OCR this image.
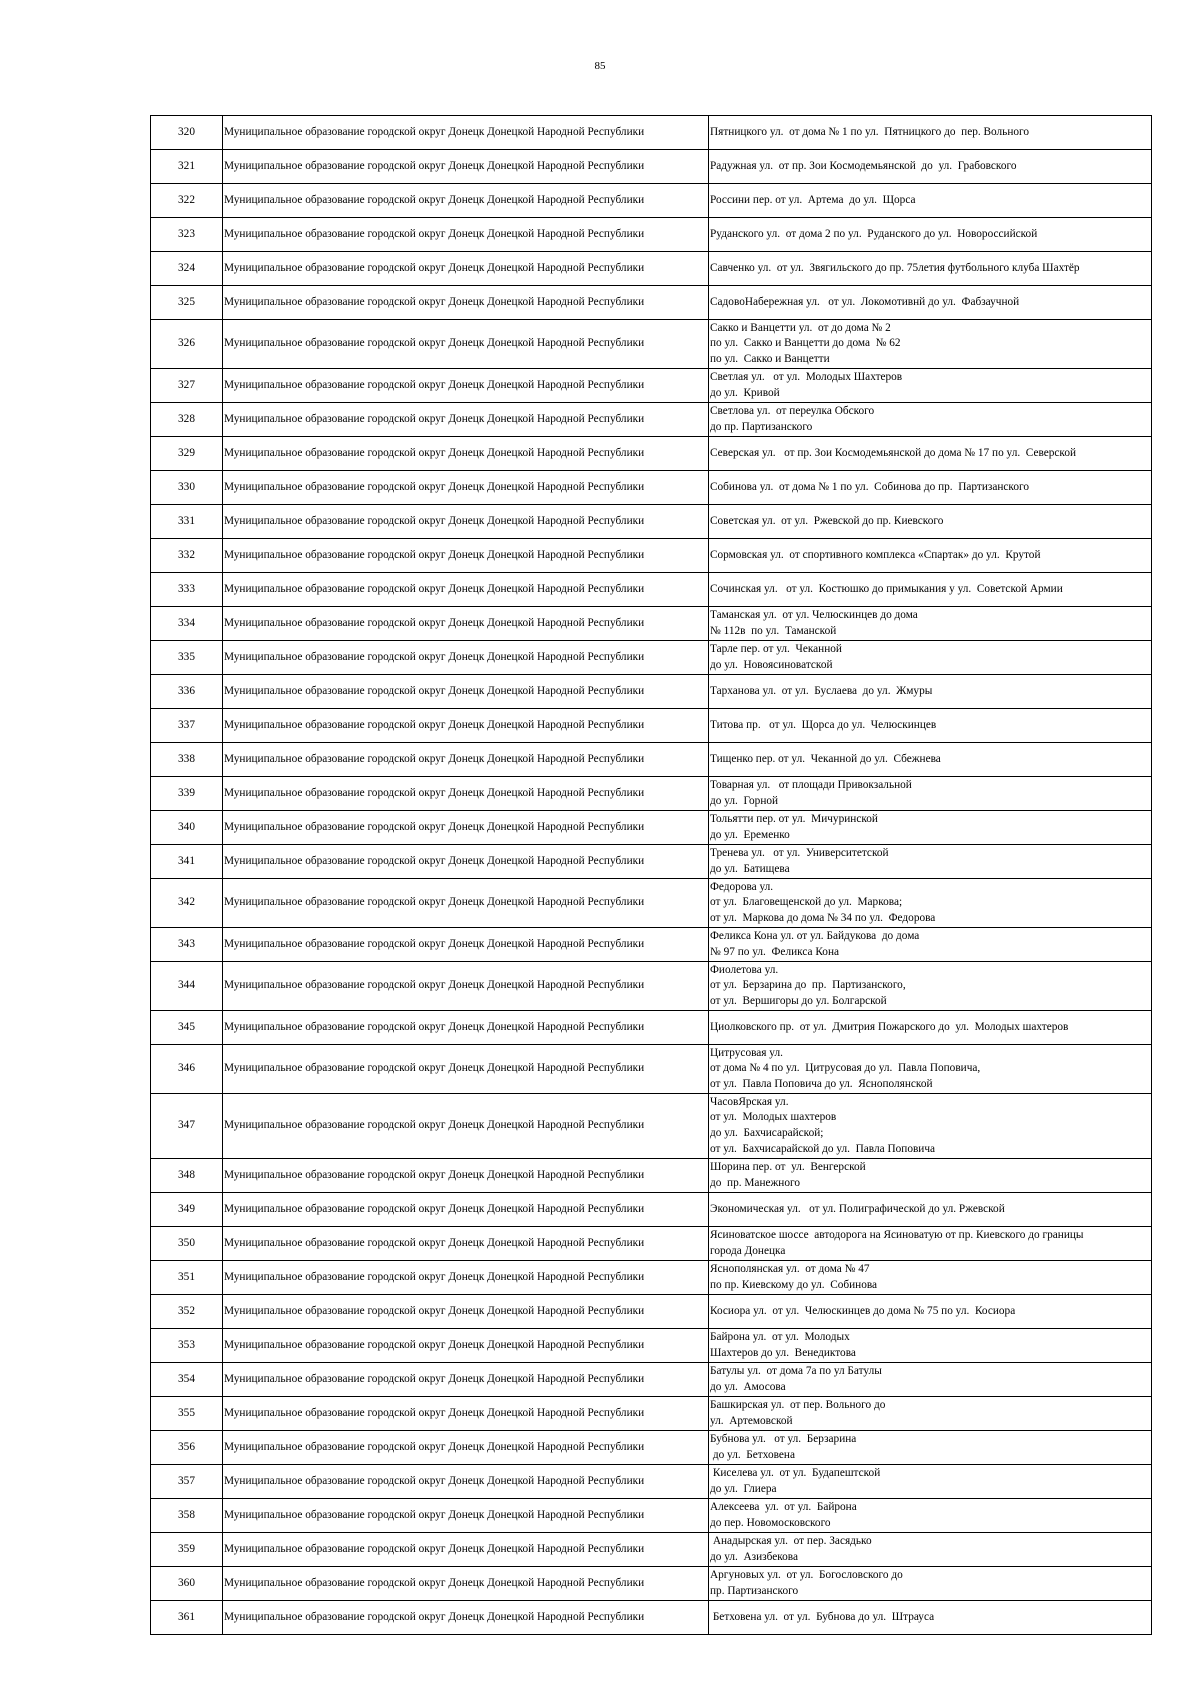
85
320	Муниципальное образование городской округ Донецк Донецкой Народной Республики	Пятницкого ул.  от дома № 1 по ул.  Пятницкого до  пер. Вольного

321	Муниципальное образование городской округ Донецк Донецкой Народной Республики	Радужная ул.  от пр. Зои Космодемьянской  до  ул.  Грабовского

322	Муниципальное образование городской округ Донецк Донецкой Народной Республики	Россини пер. от ул.  Артема  до ул.  Щорса

323	Муниципальное образование городской округ Донецк Донецкой Народной Республики	Руданского ул.  от дома 2 по ул.  Руданского до ул.  Новороссийской

324	Муниципальное образование городской округ Донецк Донецкой Народной Республики	Савченко ул.  от ул.  Звягильского до пр. 75летия футбольного клуба Шахтёр

325	Муниципальное образование городской округ Донецк Донецкой Народной Республики	СадовоНабережная ул.   от ул.  Локомотивнй до ул.  Фабзаучной

326	Муниципальное образование городской округ Донецк Донецкой Народной Республики	Сакко и Ванцетти ул.  от до дома № 2
по ул.  Сакко и Ванцетти до дома  № 62
по ул.  Сакко и Ванцетти

327	Муниципальное образование городской округ Донецк Донецкой Народной Республики	Светлая ул.   от ул.  Молодых Шахтеров
до ул.  Кривой

328	Муниципальное образование городской округ Донецк Донецкой Народной Республики	Светлова ул.  от переулка Обского
до пр. Партизанского

329	Муниципальное образование городской округ Донецк Донецкой Народной Республики	Северская ул.   от пр. Зои Космодемьянской до дома № 17 по ул.  Северской

330	Муниципальное образование городской округ Донецк Донецкой Народной Республики	Собинова ул.  от дома № 1 по ул.  Собинова до пр.  Партизанского

331	Муниципальное образование городской округ Донецк Донецкой Народной Республики	Советская ул.  от ул.  Ржевской до пр. Киевского

332	Муниципальное образование городской округ Донецк Донецкой Народной Республики	Сормовская ул.  от спортивного комплекса «Спартак» до ул.  Крутой

333	Муниципальное образование городской округ Донецк Донецкой Народной Республики	Сочинская ул.   от ул.  Костюшко до примыкания у ул.  Советской Армии

334	Муниципальное образование городской округ Донецк Донецкой Народной Республики	Таманская ул.  от ул. Челюскинцев до дома
№ 112в  по ул.  Таманской

335	Муниципальное образование городской округ Донецк Донецкой Народной Республики	Тарле пер. от ул.  Чеканной
до ул.  Новоясиноватской

336	Муниципальное образование городской округ Донецк Донецкой Народной Республики	Тарханова ул.  от ул.  Буслаева  до ул.  Жмуры

337	Муниципальное образование городской округ Донецк Донецкой Народной Республики	Титова пр.   от ул.  Щорса до ул.  Челюскинцев

338	Муниципальное образование городской округ Донецк Донецкой Народной Республики	Тищенко пер. от ул.  Чеканной до ул.  Сбежнева

339	Муниципальное образование городской округ Донецк Донецкой Народной Республики	Товарная ул.   от площади Привокзальной
до ул.  Горной

340	Муниципальное образование городской округ Донецк Донецкой Народной Республики	Тольятти пер. от ул.  Мичуринской
до ул.  Еременко

341	Муниципальное образование городской округ Донецк Донецкой Народной Республики	Тренева ул.   от ул.  Университетской
до ул.  Батищева

342	Муниципальное образование городской округ Донецк Донецкой Народной Республики	Федорова ул.
от ул.  Благовещенской до ул.  Маркова;
от ул.  Маркова до дома № 34 по ул.  Федорова

343	Муниципальное образование городской округ Донецк Донецкой Народной Республики	Феликса Кона ул. от ул. Байдукова  до дома
№ 97 по ул.  Феликса Кона

344	Муниципальное образование городской округ Донецк Донецкой Народной Республики	Фиолетова ул.
от ул.  Берзарина до  пр.  Партизанского,
от ул.  Вершигоры до ул. Болгарской

345	Муниципальное образование городской округ Донецк Донецкой Народной Республики	Циолковского пр.  от ул.  Дмитрия Пожарского до  ул.  Молодых шахтеров

346	Муниципальное образование городской округ Донецк Донецкой Народной Республики	Цитрусовая ул.
от дома № 4 по ул.  Цитрусовая до ул.  Павла Поповича,
от ул.  Павла Поповича до ул.  Яснополянской

347	Муниципальное образование городской округ Донецк Донецкой Народной Республики	ЧасовЯрская ул.
от ул.  Молодых шахтеров
до ул.  Бахчисарайской;
от ул.  Бахчисарайской до ул.  Павла Поповича

348	Муниципальное образование городской округ Донецк Донецкой Народной Республики	Шорина пер. от  ул.  Венгерской
до  пр. Манежного

349	Муниципальное образование городской округ Донецк Донецкой Народной Республики	Экономическая ул.   от ул. Полиграфической до ул. Ржевской

350	Муниципальное образование городской округ Донецк Донецкой Народной Республики	Ясиноватское шоссе  автодорога на Ясиноватую от пр. Киевского до границы
города Донецка

351	Муниципальное образование городской округ Донецк Донецкой Народной Республики	Яснополянская ул.  от дома № 47
по пр. Киевскому до ул.  Собинова

352	Муниципальное образование городской округ Донецк Донецкой Народной Республики	Косиора ул.  от ул.  Челюскинцев до дома № 75 по ул.  Косиора

353	Муниципальное образование городской округ Донецк Донецкой Народной Республики	Байрона ул.  от ул.  Молодых
Шахтеров до ул.  Венедиктова

354	Муниципальное образование городской округ Донецк Донецкой Народной Республики	Батулы ул.  от дома 7а по ул Батулы
до ул.  Амосова

355	Муниципальное образование городской округ Донецк Донецкой Народной Республики	Башкирская ул.  от пер. Вольного до
ул.  Артемовской

356	Муниципальное образование городской округ Донецк Донецкой Народной Республики	Бубнова ул.   от ул.  Берзарина
до ул.  Бетховена

357	Муниципальное образование городской округ Донецк Донецкой Народной Республики	Киселева ул.  от ул.  Будапештской
до ул.  Глиера

358	Муниципальное образование городской округ Донецк Донецкой Народной Республики	Алексеева  ул.  от ул.  Байрона
до пер. Новомосковского

359	Муниципальное образование городской округ Донецк Донецкой Народной Республики	Анадырская ул.  от пер. Засядько
до ул.  Азизбекова

360	Муниципальное образование городской округ Донецк Донецкой Народной Республики	Аргуновых ул.  от ул.  Богословского до
пр. Партизанского

361	Муниципальное образование городской округ Донецк Донецкой Народной Республики	Бетховена ул.  от ул.  Бубнова до ул.  Штрауса
